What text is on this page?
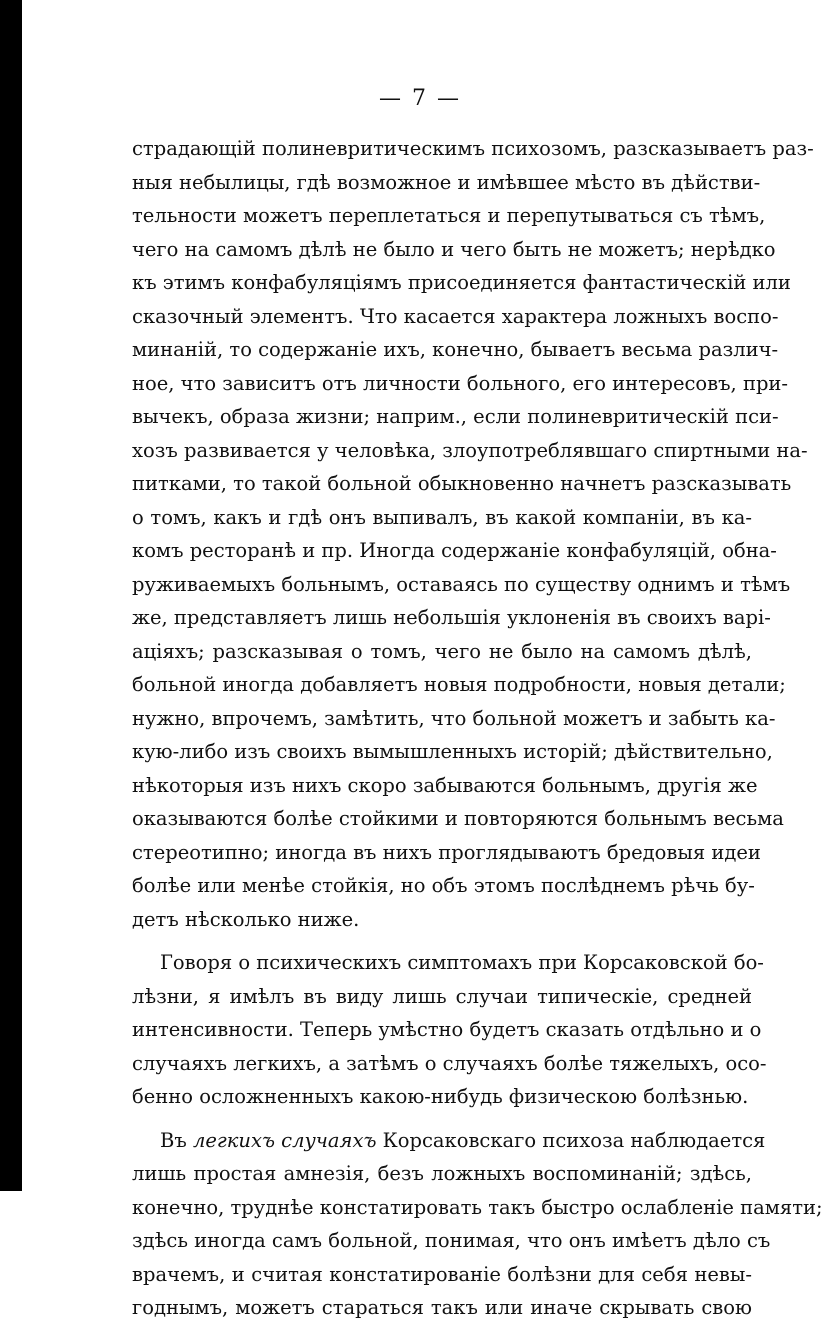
— 7 —
страдающій полиневритическимъ психозомъ, разсказываетъ раз-
ныя небылицы, гдѣ возможное и имѣвшее мѣсто въ дѣйстви-
тельности можетъ переплетаться и перепутываться съ тѣмъ,
чего на самомъ дѣлѣ не было и чего быть не можетъ; нерѣдко
къ этимъ конфабуляціямъ присоединяется фантастическій или
сказочный элементъ. Что касается характера ложныхъ воспо-
минаній, то содержаніе ихъ, конечно, бываетъ весьма различ-
ное, что зависитъ отъ личности больного, его интересовъ, при-
вычекъ, образа жизни; наприм., если полиневритическій пси-
хозъ развивается у человѣка, злоупотреблявшаго спиртными на-
питками, то такой больной обыкновенно начнетъ разсказывать
о томъ, какъ и гдѣ онъ выпивалъ, въ какой компаніи, въ ка-
комъ ресторанѣ и пр. Иногда содержаніе конфабуляцій, обна-
руживаемыхъ больнымъ, оставаясь по существу однимъ и тѣмъ
же, представляетъ лишь небольшія уклоненія въ своихъ варі-
аціяхъ; разсказывая о томъ, чего не было на самомъ дѣлѣ,
больной иногда добавляетъ новыя подробности, новыя детали;
нужно, впрочемъ, замѣтить, что больной можетъ и забыть ка-
кую-либо изъ своихъ вымышленныхъ исторій; дѣйствительно,
нѣкоторыя изъ нихъ скоро забываются больнымъ, другія же
оказываются болѣе стойкими и повторяются больнымъ весьма
стереотипно; иногда въ нихъ проглядываютъ бредовыя идеи
болѣе или менѣе стойкія, но объ этомъ послѣднемъ рѣчь бу-
детъ нѣсколько ниже.
Говоря о психическихъ симптомахъ при Корсаковской бо-
лѣзни, я имѣлъ въ виду лишь случаи типическіе, средней
интенсивности. Теперь умѣстно будетъ сказать отдѣльно и о
случаяхъ легкихъ, а затѣмъ о случаяхъ болѣе тяжелыхъ, осо-
бенно осложненныхъ какою-нибудь физическою болѣзнью.
Въ легкихъ случаяхъ Корсаковскаго психоза наблюдается
лишь простая амнезія, безъ ложныхъ воспоминаній; здѣсь,
конечно, труднѣе констатировать такъ быстро ослабленіе памяти;
здѣсь иногда самъ больной, понимая, что онъ имѣетъ дѣло съ
врачемъ, и считая констатированіе болѣзни для себя невы-
годнымъ, можетъ стараться такъ или иначе скрывать свою
